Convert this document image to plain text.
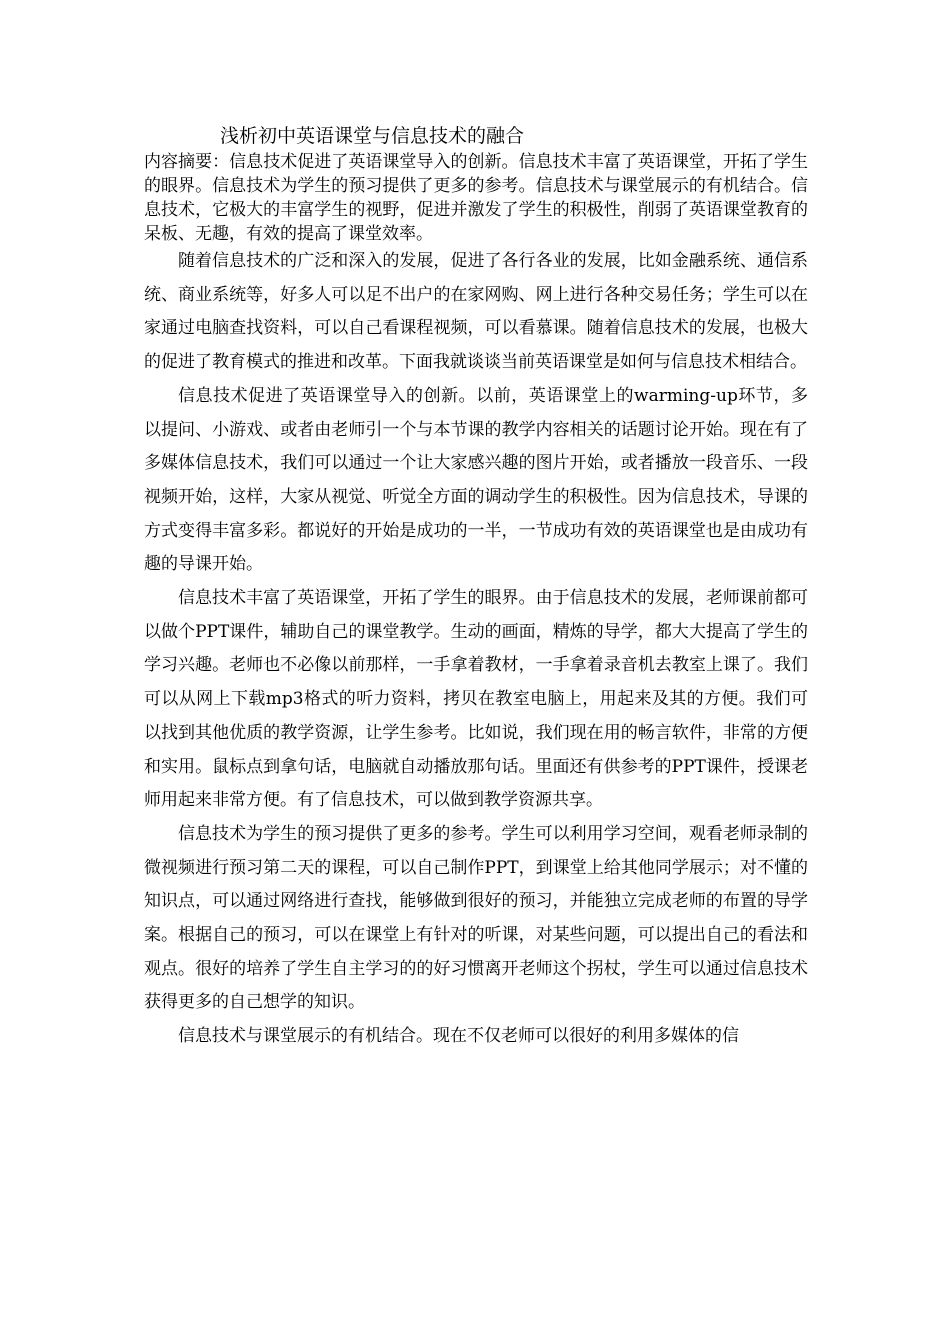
浅析初中英语课堂与信息技术的融合
内容摘要：信息技术促进了英语课堂导入的创新。信息技术丰富了英语课堂，开拓了学生的眼界。信息技术为学生的预习提供了更多的参考。信息技术与课堂展示的有机结合。信息技术，它极大的丰富学生的视野，促进并激发了学生的积极性，削弱了英语课堂教育的呆板、无趣，有效的提高了课堂效率。

随着信息技术的广泛和深入的发展，促进了各行各业的发展，比如金融系统、通信系统、商业系统等，好多人可以足不出户的在家网购、网上进行各种交易任务；学生可以在家通过电脑查找资料，可以自己看课程视频，可以看慕课。随着信息技术的发展，也极大的促进了教育模式的推进和改革。下面我就谈谈当前英语课堂是如何与信息技术相结合。

信息技术促进了英语课堂导入的创新。以前，英语课堂上的warming-up环节，多以提问、小游戏、或者由老师引一个与本节课的教学内容相关的话题讨论开始。现在有了多媒体信息技术，我们可以通过一个让大家感兴趣的图片开始，或者播放一段音乐、一段视频开始，这样，大家从视觉、听觉全方面的调动学生的积极性。因为信息技术，导课的方式变得丰富多彩。都说好的开始是成功的一半，一节成功有效的英语课堂也是由成功有趣的导课开始。

信息技术丰富了英语课堂，开拓了学生的眼界。由于信息技术的发展，老师课前都可以做个PPT课件，辅助自己的课堂教学。生动的画面，精炼的导学，都大大提高了学生的学习兴趣。老师也不必像以前那样，一手拿着教材，一手拿着录音机去教室上课了。我们可以从网上下载mp3格式的听力资料，拷贝在教室电脑上，用起来及其的方便。我们可以找到其他优质的教学资源，让学生参考。比如说，我们现在用的畅言软件，非常的方便和实用。鼠标点到拿句话，电脑就自动播放那句话。里面还有供参考的PPT课件，授课老师用起来非常方便。有了信息技术，可以做到教学资源共享。

信息技术为学生的预习提供了更多的参考。学生可以利用学习空间，观看老师录制的微视频进行预习第二天的课程，可以自己制作PPT，到课堂上给其他同学展示；对不懂的知识点，可以通过网络进行查找，能够做到很好的预习，并能独立完成老师的布置的导学案。根据自己的预习，可以在课堂上有针对的听课，对某些问题，可以提出自己的看法和观点。很好的培养了学生自主学习的的好习惯离开老师这个拐杖，学生可以通过信息技术获得更多的自己想学的知识。

信息技术与课堂展示的有机结合。现在不仅老师可以很好的利用多媒体的信
